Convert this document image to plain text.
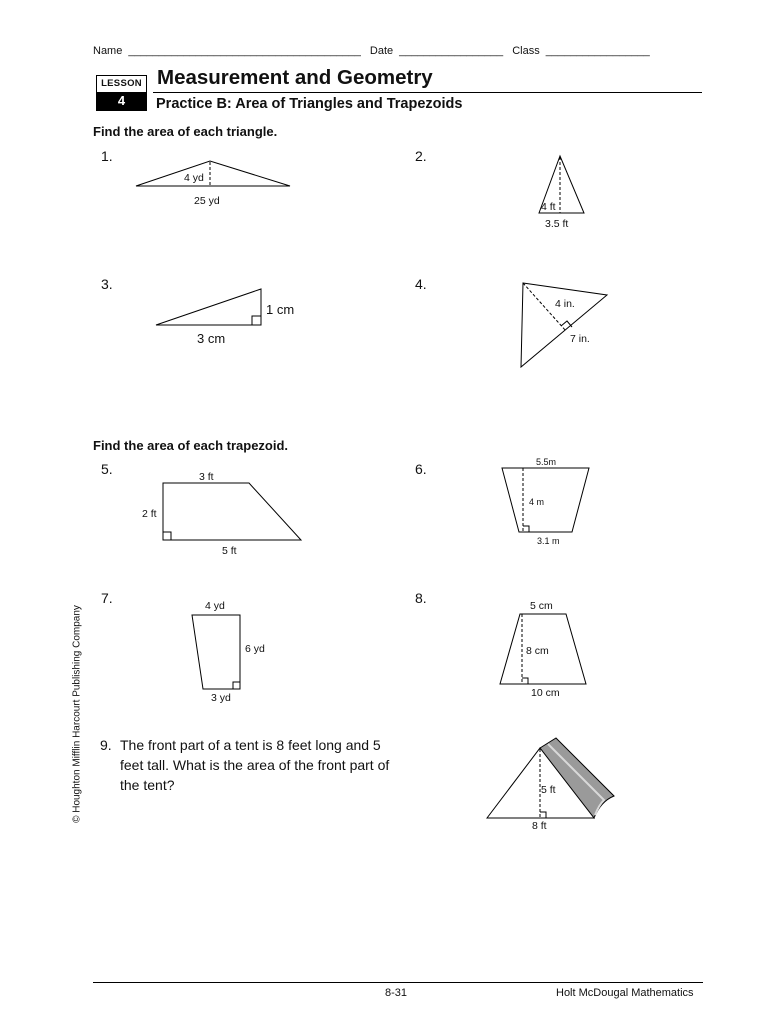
Name ______________________________________ Date _________________ Class _________________
LESSON
4
Measurement and Geometry
Practice B: Area of Triangles and Trapezoids
Find the area of each triangle.
Find the area of each trapezoid.
1.	2.
3.	4.
5.	6.
7.	8.
9. The front part of a tent is 8 feet long and 5 feet tall. What is the area of the front part of the tent?
4 yd
25 yd	4 ft
3.5 ft
1 cm
3 cm
4 in.
7 in.
3 ft
2 ft
5 ft
5.5m
4 m
3.1 m
4 yd
6 yd
3 yd
5 cm
8 cm
10 cm
5 ft
8 ft
© Houghton Mifflin Harcourt Publishing Company
8-31	Holt McDougal Mathematics
